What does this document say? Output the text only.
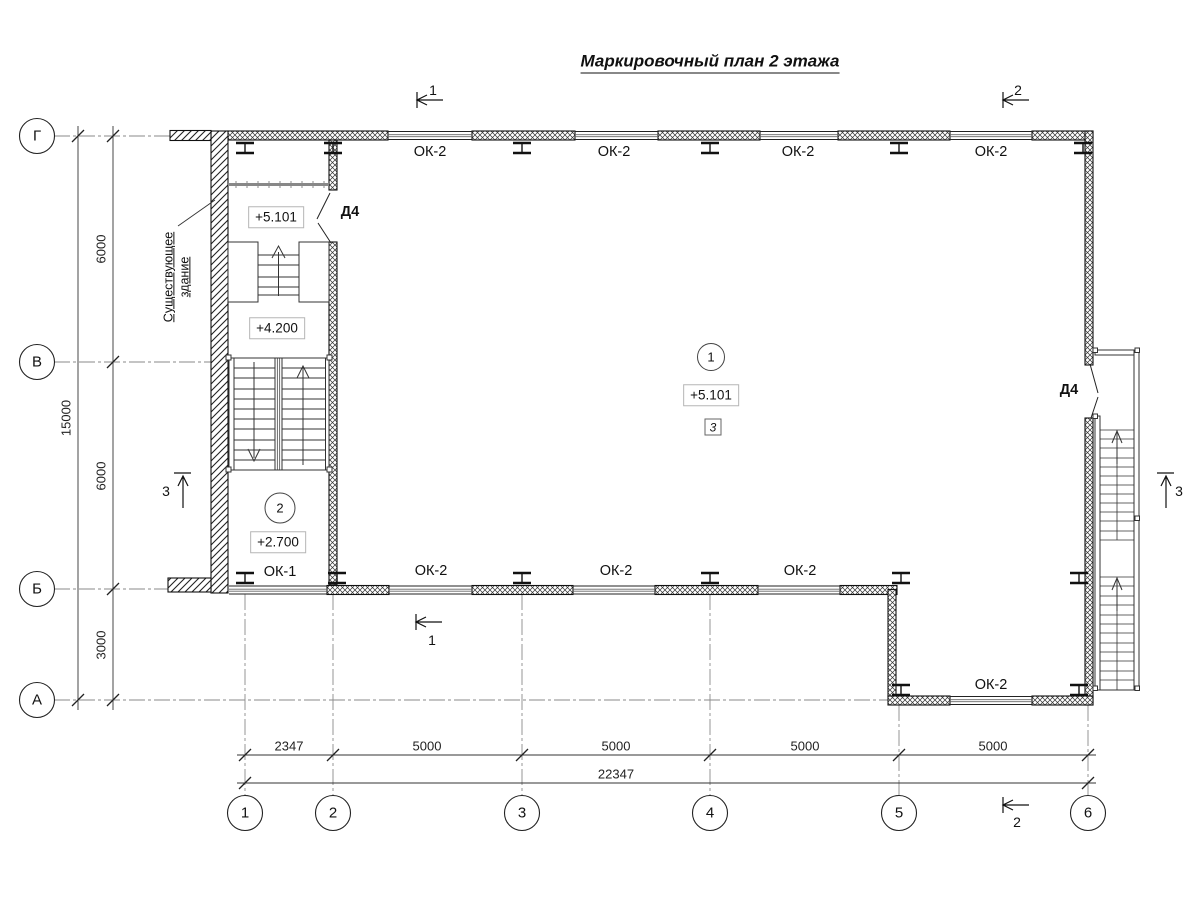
Маркировочный план 2 этажа
ОК-2	ОК-2	ОК-2	ОК-2
ОК-2	ОК-2	ОК-2
ОК-2
ОК-1
Д4
Д4
+5.101
+4.200
+2.700
+5.101
1
2
3
Г
В
Б
А
1	2	3	4	5	6
15000
6000
6000
3000
2347	5000	5000	5000	5000
22347
1	2
1
2
3	3
Существующее здание
